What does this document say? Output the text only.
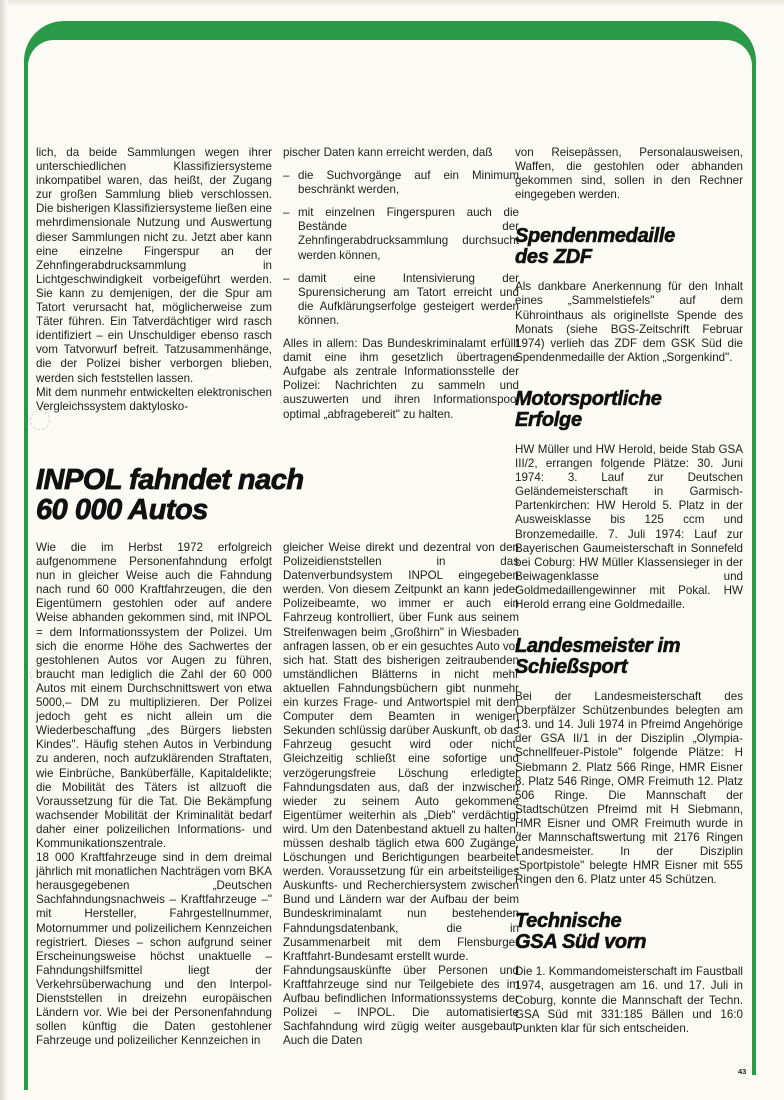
lich, da beide Sammlungen wegen ihrer unterschiedlichen Klassifiziersysteme inkompatibel waren, das heißt, der Zugang zur großen Sammlung blieb verschlossen. Die bisherigen Klassifiziersysteme ließen eine mehrdimensionale Nutzung und Auswertung dieser Sammlungen nicht zu. Jetzt aber kann eine einzelne Fingerspur an der Zehnfingerabdrucksammlung in Lichtgeschwindigkeit vorbeigeführt werden. Sie kann zu demjenigen, der die Spur am Tatort verursacht hat, möglicherweise zum Täter führen. Ein Tatverdächtiger wird rasch identifiziert – ein Unschuldiger ebenso rasch vom Tatvorwurf befreit. Tatzusammenhänge, die der Polizei bisher verborgen blieben, werden sich feststellen lassen.

Mit dem nunmehr entwickelten elektronischen Vergleichssystem daktylosko-

pischer Daten kann erreicht werden, daß

– die Suchvorgänge auf ein Minimum beschränkt werden,
– mit einzelnen Fingerspuren auch die Bestände der Zehnfingerabdrucksammlung durchsucht werden können,
– damit eine Intensivierung der Spurensicherung am Tatort erreicht und die Aufklärungserfolge gesteigert werden können.

Alles in allem: Das Bundeskriminalamt erfüllt damit eine ihm gesetzlich übertragene Aufgabe als zentrale Informationsstelle der Polizei: Nachrichten zu sammeln und auszuwerten und ihren Informationspool optimal „abfragebereit" zu halten.

INPOL fahndet nach
60 000 Autos

Wie die im Herbst 1972 erfolgreich aufgenommene Personenfahndung erfolgt nun in gleicher Weise auch die Fahndung nach rund 60 000 Kraftfahrzeugen, die den Eigentümern gestohlen oder auf andere Weise abhanden gekommen sind, mit INPOL = dem Informationssystem der Polizei. Um sich die enorme Höhe des Sachwertes der gestohlenen Autos vor Augen zu führen, braucht man lediglich die Zahl der 60 000 Autos mit einem Durchschnittswert von etwa 5000,– DM zu multiplizieren. Der Polizei jedoch geht es nicht allein um die Wiederbeschaffung „des Bürgers liebsten Kindes". Häufig stehen Autos in Verbindung zu anderen, noch aufzuklärenden Straftaten, wie Einbrüche, Banküberfälle, Kapitaldelikte; die Mobilität des Täters ist allzuoft die Voraussetzung für die Tat. Die Bekämpfung wachsender Mobilität der Kriminalität bedarf daher einer polizeilichen Informations- und Kommunikationszentrale.

18 000 Kraftfahrzeuge sind in dem dreimal jährlich mit monatlichen Nachträgen vom BKA herausgegebenen „Deutschen Sachfahndungsnachweis – Kraftfahrzeuge –" mit Hersteller, Fahrgestellnummer, Motornummer und polizeilichem Kennzeichen registriert. Dieses – schon aufgrund seiner Erscheinungsweise höchst unaktuelle – Fahndungshilfsmittel liegt der Verkehrsüberwachung und den Interpol-Dienststellen in dreizehn europäischen Ländern vor. Wie bei der Personenfahndung sollen künftig die Daten gestohlener Fahrzeuge und polizeilicher Kennzeichen in

gleicher Weise direkt und dezentral von den Polizeidienststellen in das Datenverbundsystem INPOL eingegeben werden. Von diesem Zeitpunkt an kann jeder Polizeibeamte, wo immer er auch ein Fahrzeug kontrolliert, über Funk aus seinem Streifenwagen beim „Großhirn" in Wiesbaden anfragen lassen, ob er ein gesuchtes Auto vor sich hat. Statt des bisherigen zeitraubenden umständlichen Blätterns in nicht mehr aktuellen Fahndungsbüchern gibt nunmehr ein kurzes Frage- und Antwortspiel mit dem Computer dem Beamten in wenigen Sekunden schlüssig darüber Auskunft, ob das Fahrzeug gesucht wird oder nicht. Gleichzeitig schließt eine sofortige und verzögerungsfreie Löschung erledigter Fahndungsdaten aus, daß der inzwischen wieder zu seinem Auto gekommene Eigentümer weiterhin als „Dieb" verdächtigt wird. Um den Datenbestand aktuell zu halten, müssen deshalb täglich etwa 600 Zugänge, Löschungen und Berichtigungen bearbeitet werden. Voraussetzung für ein arbeitsteiliges Auskunfts- und Recherchiersystem zwischen Bund und Ländern war der Aufbau der beim Bundeskriminalamt nun bestehenden Fahndungsdatenbank, die in Zusammenarbeit mit dem Flensburger Kraftfahrt-Bundesamt erstellt wurde.

Fahndungsauskünfte über Personen und Kraftfahrzeuge sind nur Teilgebiete des im Aufbau befindlichen Informationssystems der Polizei – INPOL. Die automatisierte Sachfahndung wird zügig weiter ausgebaut. Auch die Daten

von Reisepässen, Personalausweisen, Waffen, die gestohlen oder abhanden gekommen sind, sollen in den Rechner eingegeben werden.

Spendenmedaille
des ZDF

Als dankbare Anerkennung für den Inhalt eines „Sammelstiefels" auf dem Kührointhaus als originellste Spende des Monats (siehe BGS-Zeitschrift Februar 1974) verlieh das ZDF dem GSK Süd die Spendenmedaille der Aktion „Sorgenkind".

Motorsportliche
Erfolge

HW Müller und HW Herold, beide Stab GSA III/2, errangen folgende Plätze: 30. Juni 1974: 3. Lauf zur Deutschen Geländemeisterschaft in Garmisch-Partenkirchen: HW Herold 5. Platz in der Ausweisklasse bis 125 ccm und Bronzemedaille. 7. Juli 1974: Lauf zur Bayerischen Gaumeisterschaft in Sonnefeld bei Coburg: HW Müller Klassensieger in der Beiwagenklasse und Goldmedaillengewinner mit Pokal. HW Herold errang eine Goldmedaille.

Landesmeister im
Schießsport

Bei der Landesmeisterschaft des Oberpfälzer Schützenbundes belegten am 13. und 14. Juli 1974 in Pfreimd Angehörige der GSA II/1 in der Disziplin „Olympia-Schnellfeuer-Pistole" folgende Plätze: H Siebmann 2. Platz 566 Ringe, HMR Eisner 8. Platz 546 Ringe, OMR Freimuth 12. Platz 506 Ringe. Die Mannschaft der Stadtschützen Pfreimd mit H Siebmann, HMR Eisner und OMR Freimuth wurde in der Mannschaftswertung mit 2176 Ringen Landesmeister. In der Disziplin „Sportpistole" belegte HMR Eisner mit 555 Ringen den 6. Platz unter 45 Schützen.

Technische
GSA Süd vorn

Die 1. Kommandomeisterschaft im Faustball 1974, ausgetragen am 16. und 17. Juli in Coburg, konnte die Mannschaft der Techn. GSA Süd mit 331:185 Bällen und 16:0 Punkten klar für sich entscheiden.

43
